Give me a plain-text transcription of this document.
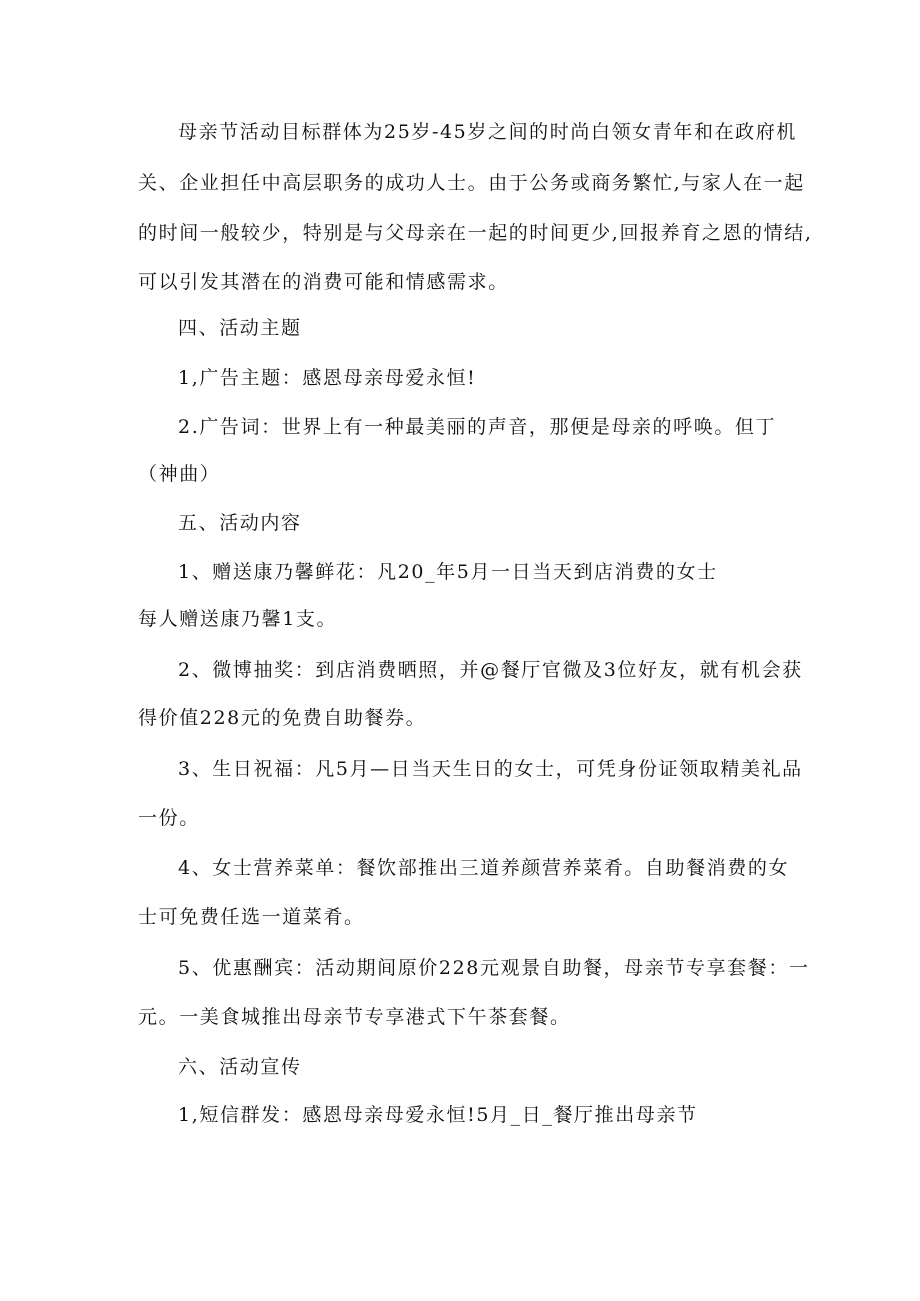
母亲节活动目标群体为25岁-45岁之间的时尚白领女青年和在政府机
关、企业担任中高层职务的成功人士。由于公务或商务繁忙,与家人在一起
的时间一般较少，特别是与父母亲在一起的时间更少,回报养育之恩的情结,
可以引发其潜在的消费可能和情感需求。
四、活动主题
1,广告主题：感恩母亲母爱永恒!
2.广告词：世界上有一种最美丽的声音，那便是母亲的呼唤。但丁
（神曲）
五、活动内容
1、赠送康乃馨鲜花：凡20_年5月一日当天到店消费的女士
每人赠送康乃馨1支。
2、微博抽奖：到店消费晒照，并@餐厅官微及3位好友，就有机会获
得价值228元的免费自助餐券。
3、生日祝福：凡5月—日当天生日的女士，可凭身份证领取精美礼品
一份。
4、女士营养菜单：餐饮部推出三道养颜营养菜肴。自助餐消费的女
士可免费任选一道菜肴。
5、优惠酬宾：活动期间原价228元观景自助餐，母亲节专享套餐：一
元。一美食城推出母亲节专享港式下午茶套餐。
六、活动宣传
1,短信群发：感恩母亲母爱永恒!5月_日_餐厅推出母亲节
